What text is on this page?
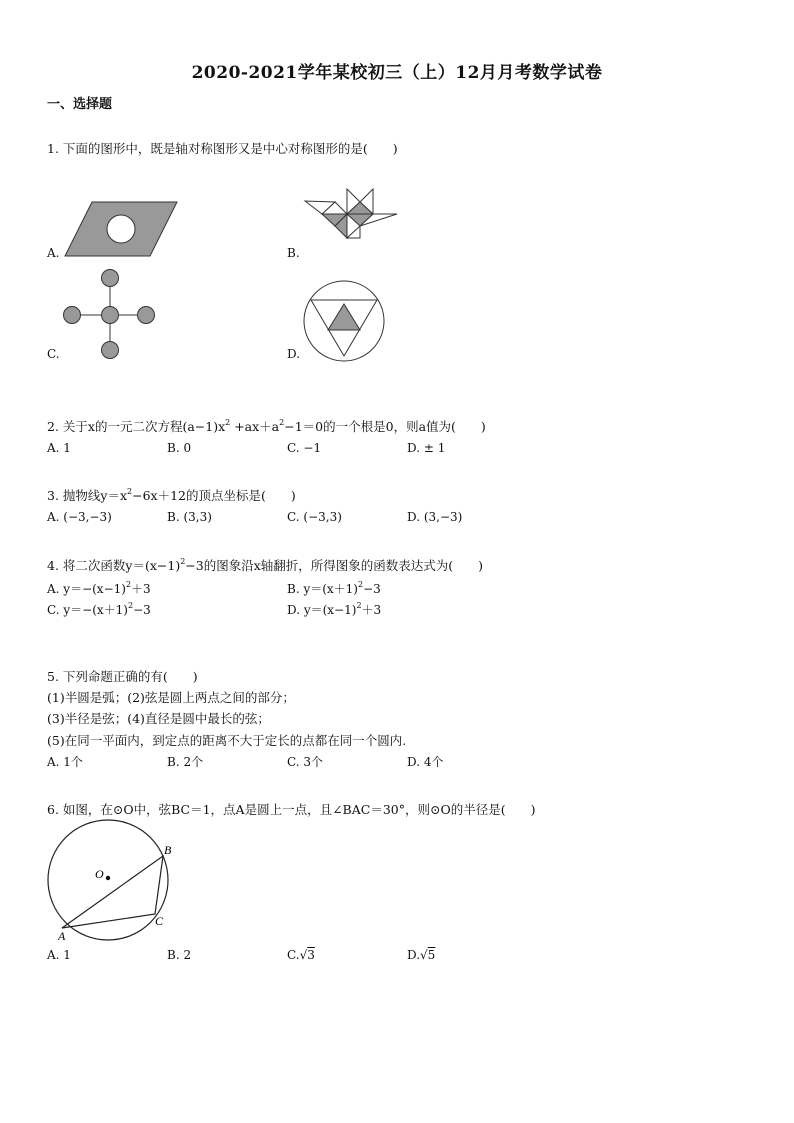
2020-2021学年某校初三（上）12月月考数学试卷
一、选择题
1. 下面的图形中，既是轴对称图形又是中心对称图形的是(　　)
A.	B.
C.	D.
2. 关于x的一元二次方程$(a-1)x^2 +ax+a^2-1=0$的一个根是0，则a值为(　　)
A. 1	B. 0	C. −1	D. ± 1
3. 抛物线$y=x^2-6x+12$的顶点坐标是(　　)
A. (−3,−3)	B. (3,3)	C. (−3,3)	D. (3,−3)
4. 将二次函数$y=(x-1)^2-3$的图象沿x轴翻折，所得图象的函数表达式为(　　)
A. $y=-(x-1)^2+3$	B. $y=(x+1)^2-3$
C. $y=-(x+1)^2-3$	D. $y=(x-1)^2+3$
5. 下列命题正确的有(　　)
(1)半圆是弧；(2)弦是圆上两点之间的部分；
(3)半径是弦；(4)直径是圆中最长的弦；
(5)在同一平面内，到定点的距离不大于定长的点都在同一个圆内.
A. 1个	B. 2个	C. 3个	D. 4个
6. 如图，在⊙O中，弦BC＝1，点A是圆上一点，且∠BAC＝30°，则⊙O的半径是(　　)
O
A
B
C
A. 1	B. 2	C.√3	D.√5
